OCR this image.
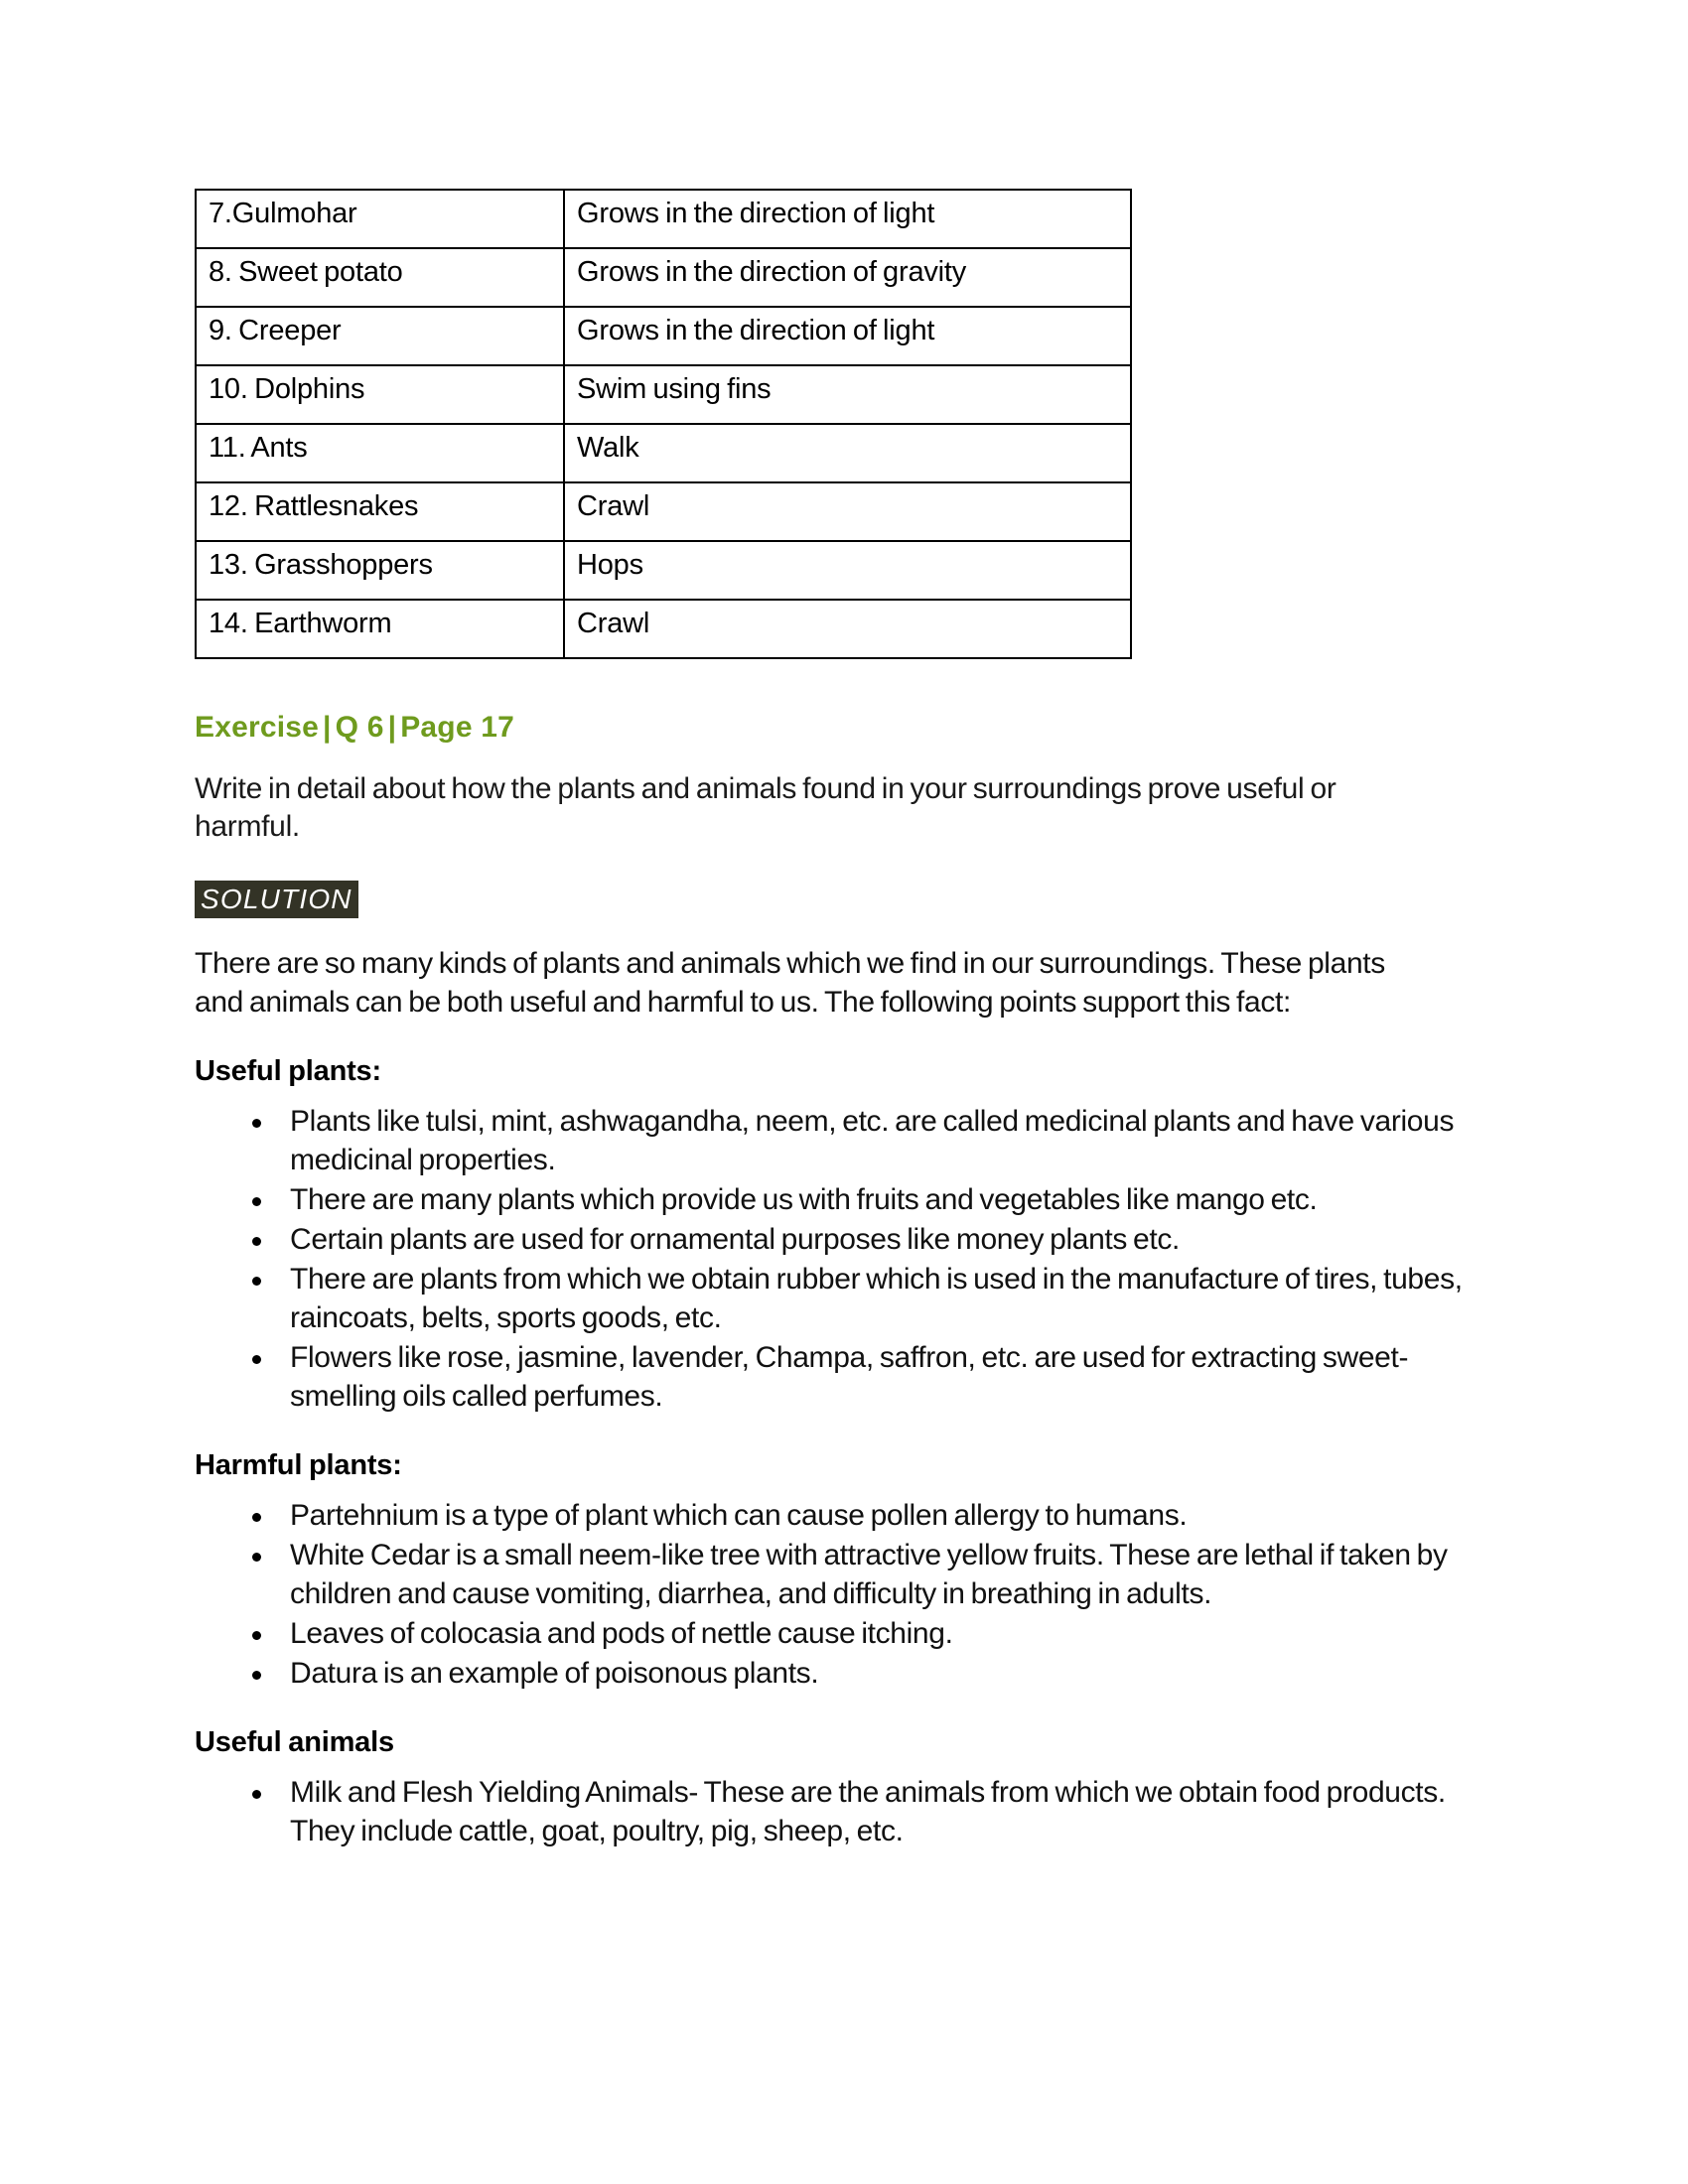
7.Gulmohar	Grows in the direction of light
8. Sweet potato	Grows in the direction of gravity
9. Creeper	Grows in the direction of light
10. Dolphins	Swim using fins
11. Ants	Walk
12. Rattlesnakes	Crawl
13. Grasshoppers	Hops
14. Earthworm	Crawl
Exercise | Q 6 | Page 17
Write in detail about how the plants and animals found in your surroundings prove useful or harmful.
SOLUTION
There are so many kinds of plants and animals which we find in our surroundings. These plants and animals can be both useful and harmful to us. The following points support this fact:
Useful plants:
Plants like tulsi, mint, ashwagandha, neem, etc. are called medicinal plants and have various medicinal properties.
There are many plants which provide us with fruits and vegetables like mango etc.
Certain plants are used for ornamental purposes like money plants etc.
There are plants from which we obtain rubber which is used in the manufacture of tires, tubes, raincoats, belts, sports goods, etc.
Flowers like rose, jasmine, lavender, Champa, saffron, etc. are used for extracting sweet-smelling oils called perfumes.
Harmful plants:
Partehnium is a type of plant which can cause pollen allergy to humans.
White Cedar is a small neem-like tree with attractive yellow fruits. These are lethal if taken by children and cause vomiting, diarrhea, and difficulty in breathing in adults.
Leaves of colocasia and pods of nettle cause itching.
Datura is an example of poisonous plants.
Useful animals
Milk and Flesh Yielding Animals- These are the animals from which we obtain food products. They include cattle, goat, poultry, pig, sheep, etc.
